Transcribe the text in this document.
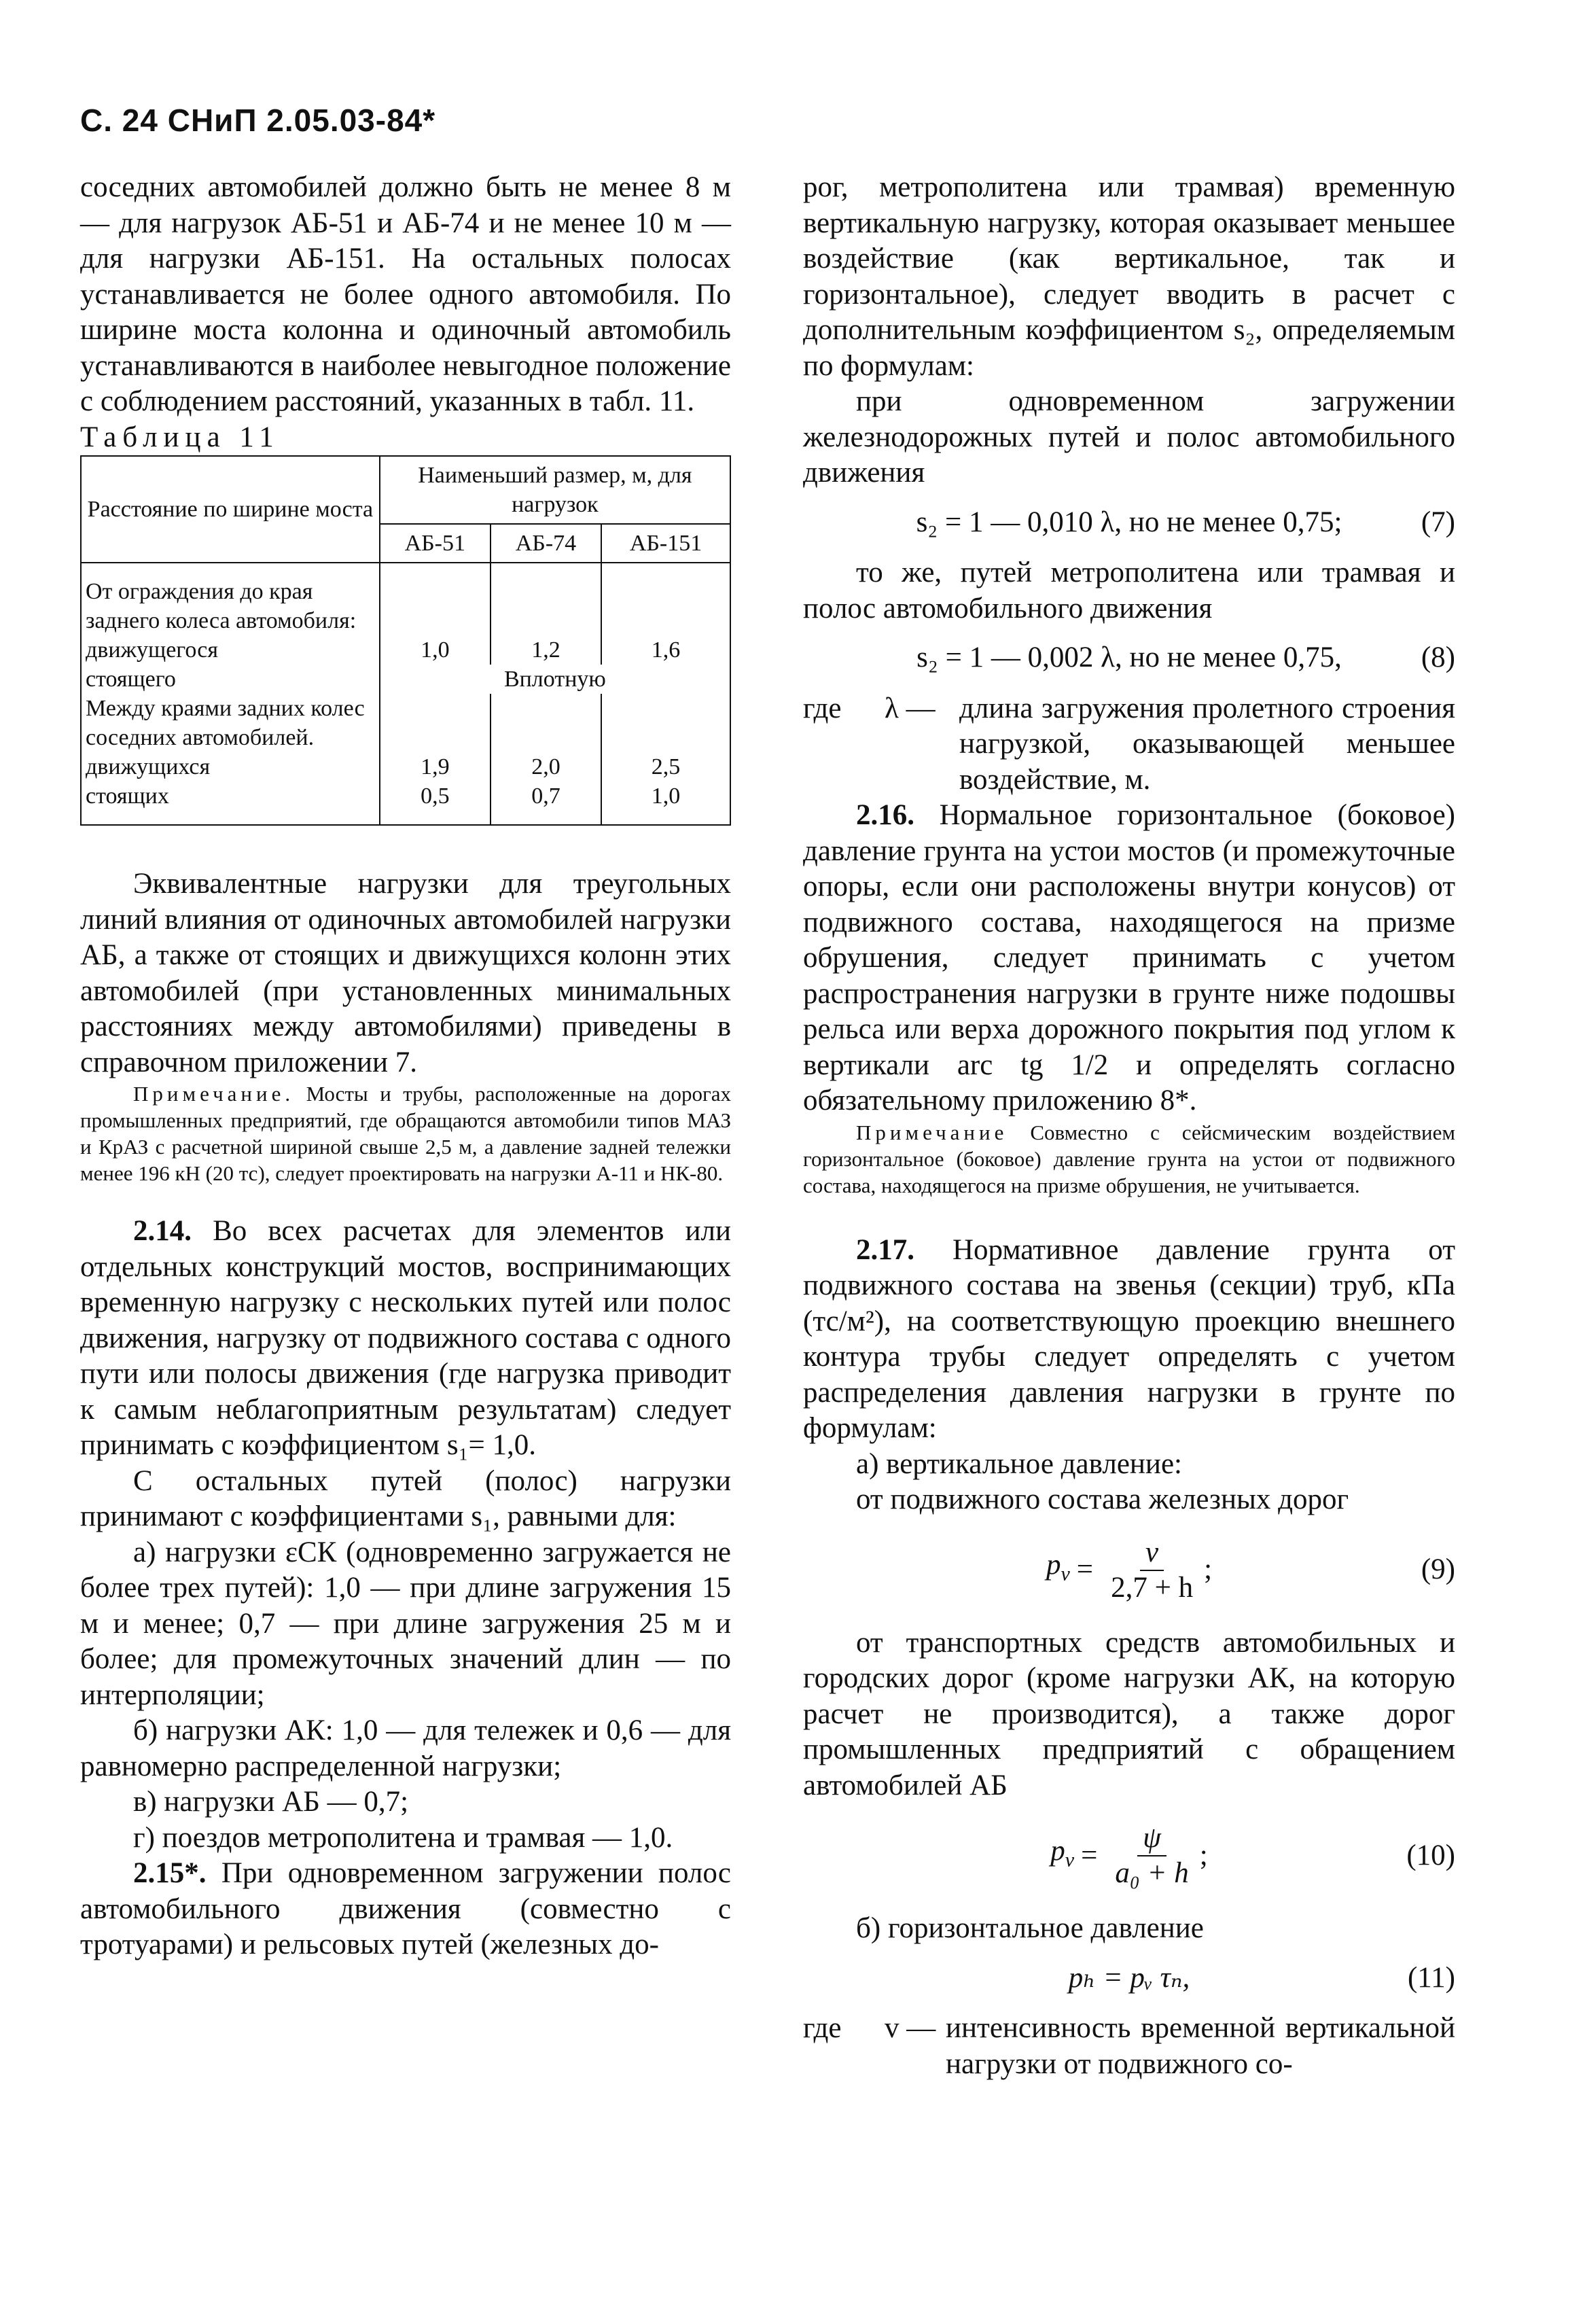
С. 24 СНиП 2.05.03-84*

соседних автомобилей должно быть не менее 8 м — для нагрузок АБ-51 и АБ-74 и не менее 10 м — для нагрузки АБ-151. На остальных полосах устанавливается не более одного автомобиля. По ширине моста колонна и одиночный автомобиль устанавливаются в наиболее невыгодное положение с соблюдением расстояний, указанных в табл. 11.

Таблица 11

Расстояние по ширине моста	Наименьший размер, м, для нагрузок		
	АБ-51	АБ-74	АБ-151
От ограждения до края заднего колеса автомобиля:			
движущегося	1,0	1,2	1,6
стоящего	Вплотную		
Между краями задних колес соседних автомобилей.			
движущихся	1,9	2,0	2,5
стоящих	0,5	0,7	1,0

Эквивалентные нагрузки для треугольных линий влияния от одиночных автомобилей нагрузки АБ, а также от стоящих и движущихся колонн этих автомобилей (при установленных минимальных расстояниях между автомобилями) приведены в справочном приложении 7.

Примечание. Мосты и трубы, расположенные на дорогах промышленных предприятий, где обращаются автомобили типов МАЗ и КрАЗ с расчетной шириной свыше 2,5 м, а давление задней тележки менее 196 кН (20 тс), следует проектировать на нагрузки А-11 и НК-80.

2.14. Во всех расчетах для элементов или отдельных конструкций мостов, воспринимающих временную нагрузку с нескольких путей или полос движения, нагрузку от подвижного состава с одного пути или полосы движения (где нагрузка приводит к самым неблагоприятным результатам) следует принимать с коэффициентом s₁= 1,0.

С остальных путей (полос) нагрузки принимают с коэффициентами s₁, равными для:

а) нагрузки εСК (одновременно загружается не более трех путей): 1,0 — при длине загружения 15 м и менее; 0,7 — при длине загружения 25 м и более; для промежуточных значений длин — по интерполяции;

б) нагрузки АК: 1,0 — для тележек и 0,6 — для равномерно распределенной нагрузки;

в) нагрузки АБ — 0,7;

г) поездов метрополитена и трамвая — 1,0.

2.15*. При одновременном загружении полос автомобильного движения (совместно с тротуарами) и рельсовых путей (железных до-

рог, метрополитена или трамвая) временную вертикальную нагрузку, которая оказывает меньшее воздействие (как вертикальное, так и горизонтальное), следует вводить в расчет с дополнительным коэффициентом s₂, определяемым по формулам:

при одновременном загружении железнодорожных путей и полос автомобильного движения

s₂ = 1 — 0,010 λ, но не менее 0,75;	(7)

то же, путей метрополитена или трамвая и полос автомобильного движения

s₂ = 1 — 0,002 λ, но не менее 0,75,	(8)
где	λ — длина загружения пролетного строения нагрузкой, оказывающей меньшее воздействие, м.

2.16. Нормальное горизонтальное (боковое) давление грунта на устои мостов (и промежуточные опоры, если они расположены внутри конусов) от подвижного состава, находящегося на призме обрушения, следует принимать с учетом распространения нагрузки в грунте ниже подошвы рельса или верха дорожного покрытия под углом к вертикали arc tg 1/2 и определять согласно обязательному приложению 8*.

Примечание Совместно с сейсмическим воздействием горизонтальное (боковое) давление грунта на устои от подвижного состава, находящегося на призме обрушения, не учитывается.

2.17. Нормативное давление грунта от подвижного состава на звенья (секции) труб, кПа (тс/м²), на соответствующую проекцию внешнего контура трубы следует определять с учетом распределения давления нагрузки в грунте по формулам:

а) вертикальное давление:

от подвижного состава железных дорог

$p_v = \frac{v}{2,7 + h}$ ;	(9)

от транспортных средств автомобильных и городских дорог (кроме нагрузки АК, на которую расчет не производится), а также дорог промышленных предприятий с обращением автомобилей АБ

$p_v = \frac{\psi}{\text{a₀ + h}}$ ;	(10)

б) горизонтальное давление

pₕ = pᵥ τₙ,	(11)
где	v — интенсивность временной вертикальной нагрузки от подвижного со-
